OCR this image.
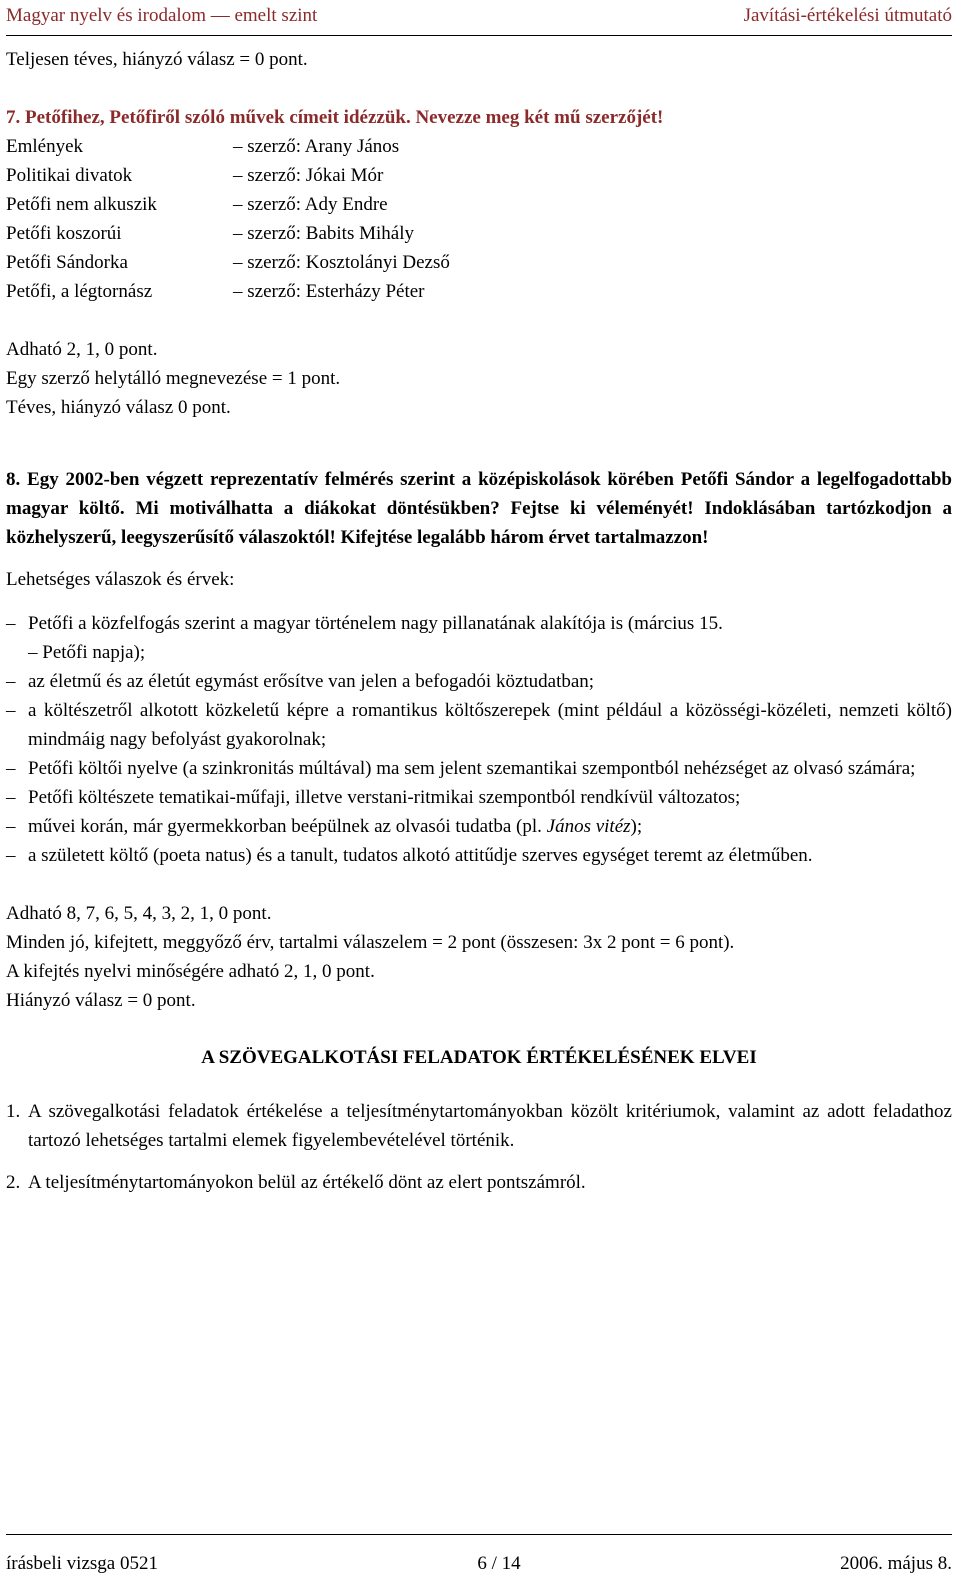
Magyar nyelv és irodalom — emelt szint	Javítási-értékelési útmutató

Teljesen téves, hiányzó válasz = 0 pont.

7. Petőfihez, Petőfiről szóló művek címeit idézzük. Nevezze meg két mű szerzőjét!

Emlények	– szerző: Arany János
Politikai divatok	– szerző: Jókai Mór
Petőfi nem alkuszik	– szerző: Ady Endre
Petőfi koszorúi	– szerző: Babits Mihály
Petőfi Sándorka	– szerző: Kosztolányi Dezső
Petőfi, a légtornász	– szerző: Esterházy Péter

Adható 2, 1, 0 pont.

Egy szerző helytálló megnevezése = 1 pont.

Téves, hiányzó válasz 0 pont.

8. Egy 2002-ben végzett reprezentatív felmérés szerint a középiskolások körében Petőfi Sándor a legelfogadottabb magyar költő. Mi motiválhatta a diákokat döntésükben? Fejtse ki véleményét! Indoklásában tartózkodjon a közhelyszerű, leegyszerűsítő válaszoktól! Kifejtése legalább három érvet tartalmazzon!

Lehetséges válaszok és érvek:

– Petőfi a közfelfogás szerint a magyar történelem nagy pillanatának alakítója is (március 15.

– Petőfi napja);

– az életmű és az életút egymást erősítve van jelen a befogadói köztudatban;
– a költészetről alkotott közkeletű képre a romantikus költőszerepek (mint például a közösségi-közéleti, nemzeti költő) mindmáig nagy befolyást gyakorolnak;
– Petőfi költői nyelve (a szinkronitás múltával) ma sem jelent szemantikai szempontból nehézséget az olvasó számára;
– Petőfi költészete tematikai-műfaji, illetve verstani-ritmikai szempontból rendkívül változatos;
– művei korán, már gyermekkorban beépülnek az olvasói tudatba (pl. János vitéz);
– a született költő (poeta natus) és a tanult, tudatos alkotó attitűdje szerves egységet teremt az életműben.

Adható 8, 7, 6, 5, 4, 3, 2, 1, 0 pont.

Minden jó, kifejtett, meggyőző érv, tartalmi válaszelem = 2 pont (összesen: 3x 2 pont = 6 pont).

A kifejtés nyelvi minőségére adható 2, 1, 0 pont.

Hiányzó válasz = 0 pont.

A SZÖVEGALKOTÁSI FELADATOK ÉRTÉKELÉSÉNEK ELVEI

1. A szövegalkotási feladatok értékelése a teljesítménytartományokban közölt kritériumok, valamint az adott feladathoz tartozó lehetséges tartalmi elemek figyelembevételével történik.
2. A teljesítménytartományokon belül az értékelő dönt az elert pontszámról.
írásbeli vizsga 0521	6 / 14	2006. május 8.
